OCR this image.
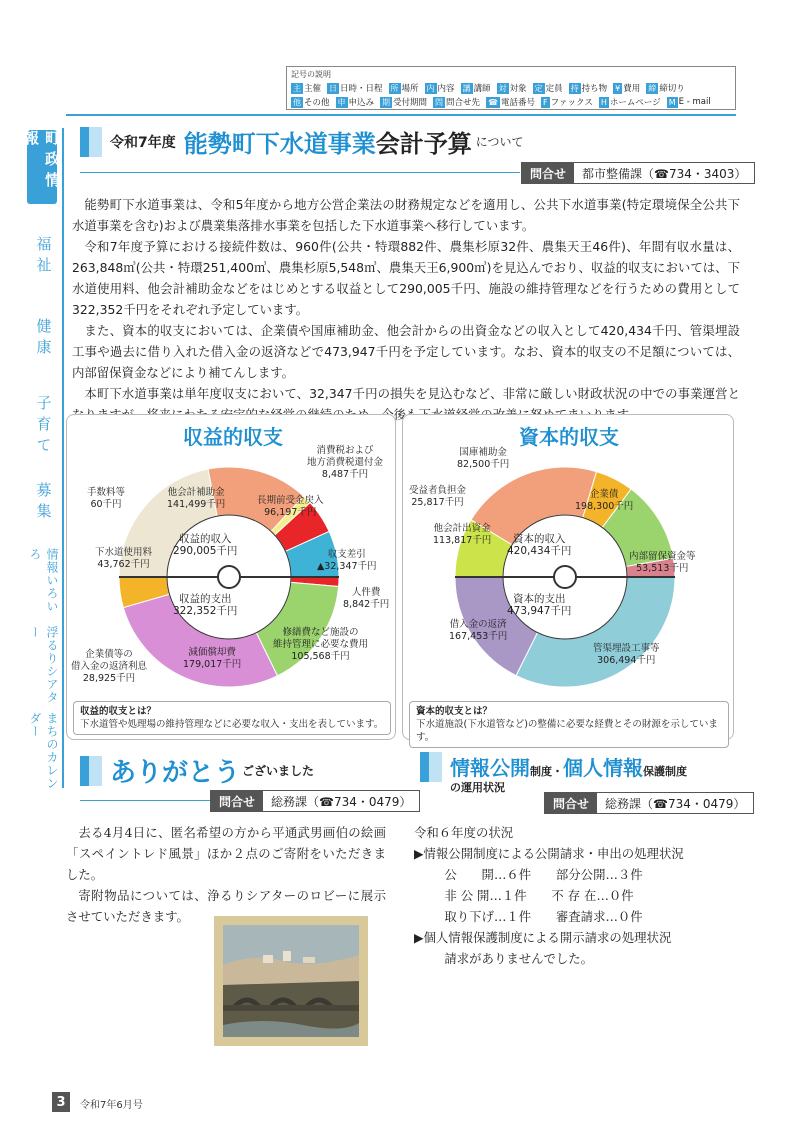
記号の説明
主 主催 日 日時・日程 所 場所 内 内容 講 講師 対 対象 定 定員 持 持ち物 ¥ 費用 締 締切り
他 その他 申 申込み 期 受付期間 問 問合せ先 ☎ 電話番号 F ファックス H ホームページ M E - mail
町政情報
福祉
健康
子育て
募集
情報いろいろ
浮るりシアター
まちのカレンダー
令和7年度 能勢町下水道事業 会計予算 について
問合せ	都市整備課（☎734・3403）

能勢町下水道事業は、令和5年度から地方公営企業法の財務規定などを適用し、公共下水道事業(特定環境保全公共下水道事業を含む)および農業集落排水事業を包括した下水道事業へ移行しています。

令和7年度予算における接続件数は、960件(公共・特環882件、農集杉原32件、農集天王46件)、年間有収水量は、263,848㎥(公共・特環251,400㎥、農集杉原5,548㎥、農集天王6,900㎥)を見込んでおり、収益的収支においては、下水道使用料、他会計補助金などをはじめとする収益として290,005千円、施設の維持管理などを行うための費用として322,352千円をそれぞれ予定しています。

また、資本的収支においては、企業債や国庫補助金、他会計からの出資金などの収入として420,434千円、管渠埋設工事や過去に借り入れた借入金の返済などで473,947千円を予定しています。なお、資本的収支の不足額については、内部留保資金などにより補てんします。

本町下水道事業は単年度収支において、32,347千円の損失を見込むなど、非常に厳しい財政状況の中での事業運営と 続のため、今後も下水道経営

収益的収支
他会計補助金
141,499千円	長期前受金戻入
96,197千円
消費税および
地方消費税還付金
8,487千円
収支差引
▲32,347千円
手数料等
60千円
下水道使用料
43,762千円
人件費
8,842千円
修繕費など施設の
維持管理に必要な費用
105,568千円
減価償却費
179,017千円
企業債等の
借入金の返済利息
28,925千円
収益的収入
290,005千円
収益的支出
322,352千円
収益的収支とは？
下水道管や処理場の維持管理などに必要な収入・支出を表しています。
資本的収支
国庫補助金
82,500千円
企業債
198,300千円
内部留保資金等
53,513千円
他会計出資金
113,817千円
受益者負担金
25,817千円
管渠埋設工事等
306,494千円
借入金の返済
167,453千円
資本的収入
420,434千円
資本的支出
473,947千円
資本的収支とは？
下水道施設(下水道管など)の整備に必要な経費とその財源を示しています。
ありがとう ございました
問合せ	総務課（☎734・0479）

去る4月4日に、匿名希望の方から平通武男画伯の絵画「スペイントレド風景」ほか２点のご寄附をいただきました。

寄附物品については、浄るりシアターのロビーに展示させていただきます。

情報公開制度・個人情報保護制度
の運用状況
問合せ	総務課（☎734・0479）
令和６年度の状況
▶情報公開制度による公開請求・申出の処理状況
　公　　開…６件　　部分公開…３件
　非 公 開…１件　　不 存 在…０件
　取り下げ…１件　　審査請求…０件
▶個人情報保護制度による開示請求の処理状況
　請求がありませんでした。
3	令和7年6月号
